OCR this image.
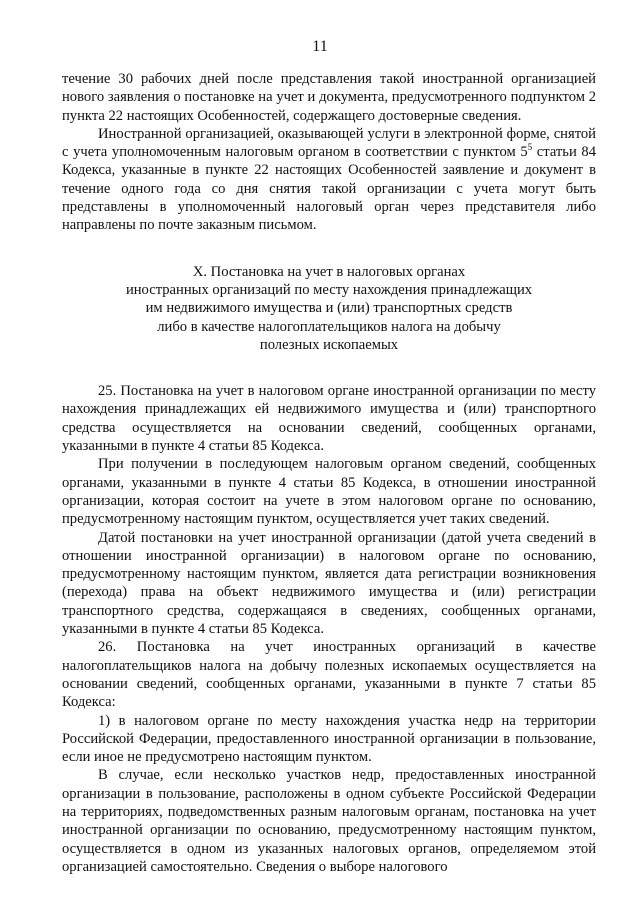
11

течение 30 рабочих дней после представления такой иностранной организацией нового заявления о постановке на учет и документа, предусмотренного подпунктом 2 пункта 22 настоящих Особенностей, содержащего достоверные сведения.

Иностранной организацией, оказывающей услуги в электронной форме, снятой с учета уполномоченным налоговым органом в соответствии с пунктом $5^5$ статьи 84 Кодекса, указанные в пункте 22 настоящих Особенностей заявление и документ в течение одного года со дня снятия такой организации с учета могут быть представлены в уполномоченный налоговый орган через представителя либо направлены по почте заказным письмом.

X. Постановка на учет в налоговых органах
иностранных организаций по месту нахождения принадлежащих
им недвижимого имущества и (или) транспортных средств
либо в качестве налогоплательщиков налога на добычу
полезных ископаемых

25. Постановка на учет в налоговом органе иностранной организации по месту нахождения принадлежащих ей недвижимого имущества и (или) транспортного средства осуществляется на основании сведений, сообщенных органами, указанными в пункте 4 статьи 85 Кодекса.

При получении в последующем налоговым органом сведений, сообщенных органами, указанными в пункте 4 статьи 85 Кодекса, в отношении иностранной организации, которая состоит на учете в этом налоговом органе по основанию, предусмотренному настоящим пунктом, осуществляется учет таких сведений.

Датой постановки на учет иностранной организации (датой учета сведений в отношении иностранной организации) в налоговом органе по основанию, предусмотренному настоящим пунктом, является дата регистрации возникновения (перехода) права на объект недвижимого имущества и (или) регистрации транспортного средства, содержащаяся в сведениях, сообщенных органами, указанными в пункте 4 статьи 85 Кодекса.

26. Постановка на учет иностранных организаций в качестве налогоплательщиков налога на добычу полезных ископаемых осуществляется на основании сведений, сообщенных органами, указанными в пункте 7 статьи 85 Кодекса:

1) в налоговом органе по месту нахождения участка недр на территории Российской Федерации, предоставленного иностранной организации в пользование, если иное не предусмотрено настоящим пунктом.

В случае, если несколько участков недр, предоставленных иностранной организации в пользование, расположены в одном субъекте Российской Федерации на территориях, подведомственных разным налоговым органам, постановка на учет иностранной организации по основанию, предусмотренному настоящим пунктом, осуществляется в одном из указанных налоговых органов, определяемом этой организацией самостоятельно. Сведения о выборе налогового
